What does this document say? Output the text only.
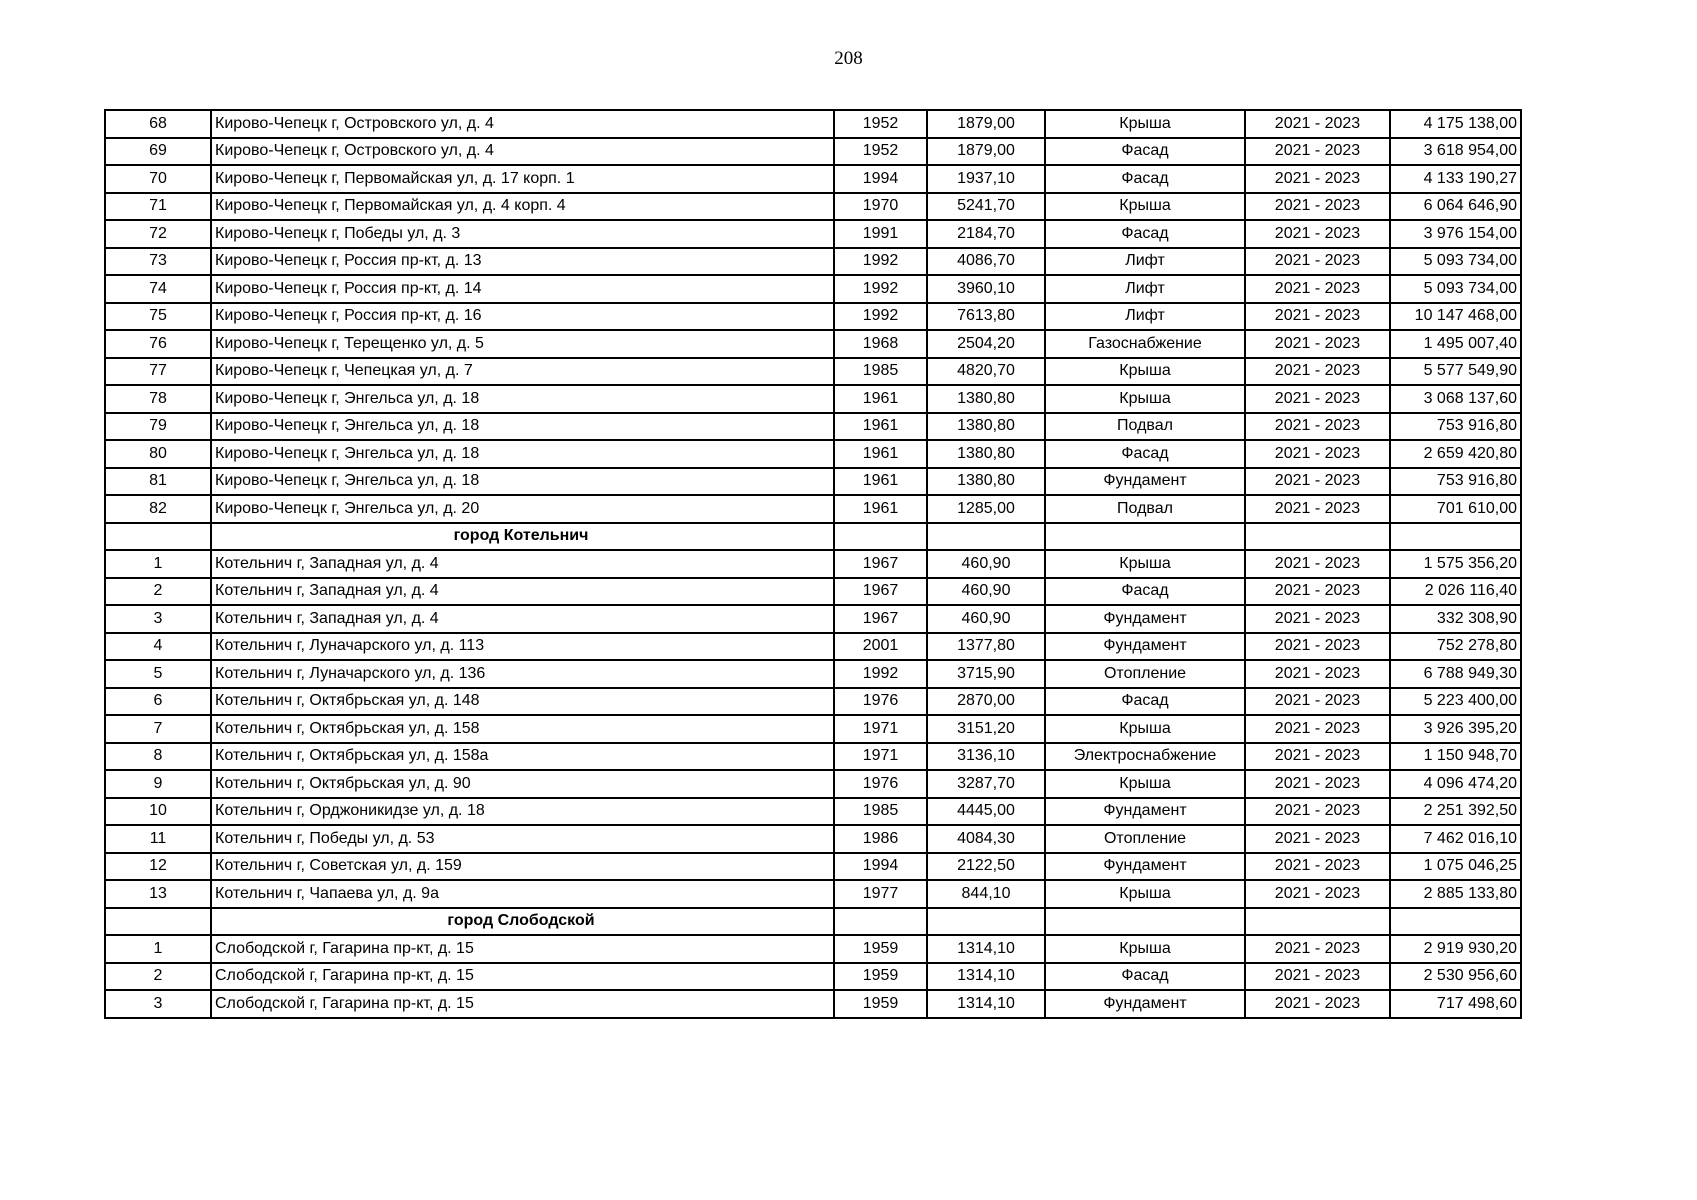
208
68	Кирово-Чепецк г, Островского ул, д. 4	1952	1879,00	Крыша	2021 - 2023	4 175 138,00
69	Кирово-Чепецк г, Островского ул, д. 4	1952	1879,00	Фасад	2021 - 2023	3 618 954,00
70	Кирово-Чепецк г, Первомайская ул, д. 17 корп. 1	1994	1937,10	Фасад	2021 - 2023	4 133 190,27
71	Кирово-Чепецк г, Первомайская ул, д. 4 корп. 4	1970	5241,70	Крыша	2021 - 2023	6 064 646,90
72	Кирово-Чепецк г, Победы ул, д. 3	1991	2184,70	Фасад	2021 - 2023	3 976 154,00
73	Кирово-Чепецк г, Россия пр-кт, д. 13	1992	4086,70	Лифт	2021 - 2023	5 093 734,00
74	Кирово-Чепецк г, Россия пр-кт, д. 14	1992	3960,10	Лифт	2021 - 2023	5 093 734,00
75	Кирово-Чепецк г, Россия пр-кт, д. 16	1992	7613,80	Лифт	2021 - 2023	10 147 468,00
76	Кирово-Чепецк г, Терещенко ул, д. 5	1968	2504,20	Газоснабжение	2021 - 2023	1 495 007,40
77	Кирово-Чепецк г, Чепецкая ул, д. 7	1985	4820,70	Крыша	2021 - 2023	5 577 549,90
78	Кирово-Чепецк г, Энгельса ул, д. 18	1961	1380,80	Крыша	2021 - 2023	3 068 137,60
79	Кирово-Чепецк г, Энгельса ул, д. 18	1961	1380,80	Подвал	2021 - 2023	753 916,80
80	Кирово-Чепецк г, Энгельса ул, д. 18	1961	1380,80	Фасад	2021 - 2023	2 659 420,80
81	Кирово-Чепецк г, Энгельса ул, д. 18	1961	1380,80	Фундамент	2021 - 2023	753 916,80
82	Кирово-Чепецк г, Энгельса ул, д. 20	1961	1285,00	Подвал	2021 - 2023	701 610,00
	город Котельнич					
1	Котельнич г, Западная ул, д. 4	1967	460,90	Крыша	2021 - 2023	1 575 356,20
2	Котельнич г, Западная ул, д. 4	1967	460,90	Фасад	2021 - 2023	2 026 116,40
3	Котельнич г, Западная ул, д. 4	1967	460,90	Фундамент	2021 - 2023	332 308,90
4	Котельнич г, Луначарского ул, д. 113	2001	1377,80	Фундамент	2021 - 2023	752 278,80
5	Котельнич г, Луначарского ул, д. 136	1992	3715,90	Отопление	2021 - 2023	6 788 949,30
6	Котельнич г, Октябрьская ул, д. 148	1976	2870,00	Фасад	2021 - 2023	5 223 400,00
7	Котельнич г, Октябрьская ул, д. 158	1971	3151,20	Крыша	2021 - 2023	3 926 395,20
8	Котельнич г, Октябрьская ул, д. 158а	1971	3136,10	Электроснабжение	2021 - 2023	1 150 948,70
9	Котельнич г, Октябрьская ул, д. 90	1976	3287,70	Крыша	2021 - 2023	4 096 474,20
10	Котельнич г, Орджоникидзе ул, д. 18	1985	4445,00	Фундамент	2021 - 2023	2 251 392,50
11	Котельнич г, Победы ул, д. 53	1986	4084,30	Отопление	2021 - 2023	7 462 016,10
12	Котельнич г, Советская ул, д. 159	1994	2122,50	Фундамент	2021 - 2023	1 075 046,25
13	Котельнич г, Чапаева ул, д. 9а	1977	844,10	Крыша	2021 - 2023	2 885 133,80
	город Слободской					
1	Слободской г, Гагарина пр-кт, д. 15	1959	1314,10	Крыша	2021 - 2023	2 919 930,20
2	Слободской г, Гагарина пр-кт, д. 15	1959	1314,10	Фасад	2021 - 2023	2 530 956,60
3	Слободской г, Гагарина пр-кт, д. 15	1959	1314,10	Фундамент	2021 - 2023	717 498,60
